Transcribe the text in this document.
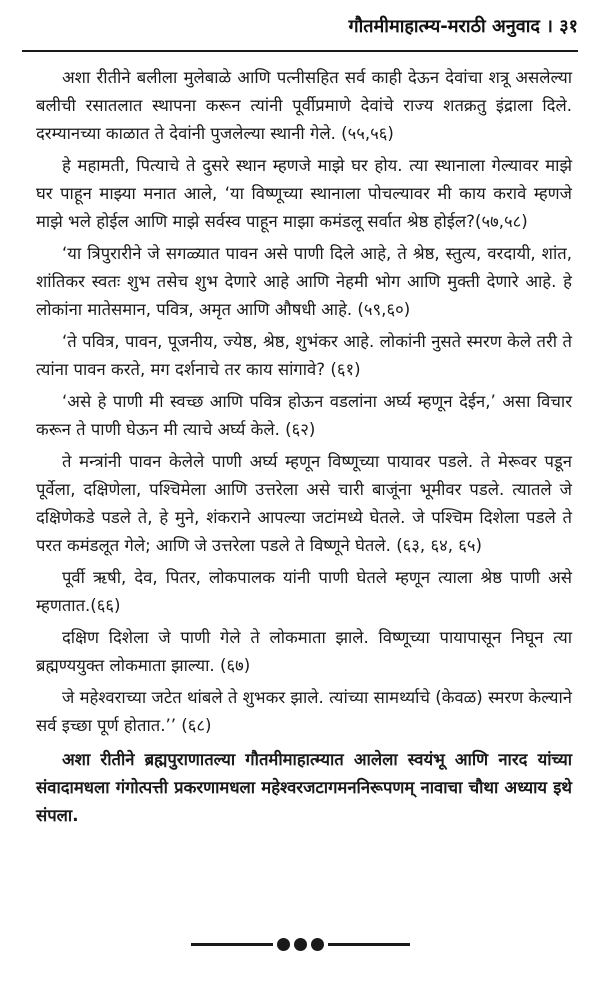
गौतमीमाहात्म्य-मराठी अनुवाद । ३१

अशा रीतीने बलीला मुलेबाळे आणि पत्नीसहित सर्व काही देऊन देवांचा शत्रू असलेल्या बलीची रसातलात स्थापना करून त्यांनी पूर्वीप्रमाणे देवांचे राज्य शतक्रतु इंद्राला दिले. दरम्यानच्या काळात ते देवांनी पुजलेल्या स्थानी गेले. (५५,५६)

हे महामती, पित्याचे ते दुसरे स्थान म्हणजे माझे घर होय. त्या स्थानाला गेल्यावर माझे घर पाहून माझ्या मनात आले, ‘या विष्णूच्या स्थानाला पोचल्यावर मी काय करावे म्हणजे माझे भले होईल आणि माझे सर्वस्व पाहून माझा कमंडलू सर्वात श्रेष्ठ होईल?(५७,५८)

‘या त्रिपुरारीने जे सगळ्यात पावन असे पाणी दिले आहे, ते श्रेष्ठ, स्तुत्य, वरदायी, शांत, शांतिकर स्वतः शुभ तसेच शुभ देणारे आहे आणि नेहमी भोग आणि मुक्ती देणारे आहे. हे लोकांना मातेसमान, पवित्र, अमृत आणि औषधी आहे. (५९,६०)

‘ते पवित्र, पावन, पूजनीय, ज्येष्ठ, श्रेष्ठ, शुभंकर आहे. लोकांनी नुसते स्मरण केले तरी ते त्यांना पावन करते, मग दर्शनाचे तर काय सांगावे? (६१)

‘असे हे पाणी मी स्वच्छ आणि पवित्र होऊन वडलांना अर्घ्य म्हणून देईन,’ असा विचार करून ते पाणी घेऊन मी त्याचे अर्घ्य केले. (६२)

ते मन्त्रांनी पावन केलेले पाणी अर्घ्य म्हणून विष्णूच्या पायावर पडले. ते मेरूवर पडून पूर्वेला, दक्षिणेला, पश्चिमेला आणि उत्तरेला असे चारी बाजूंना भूमीवर पडले. त्यातले जे दक्षिणेकडे पडले ते, हे मुने, शंकराने आपल्या जटांमध्ये घेतले. जे पश्चिम दिशेला पडले ते परत कमंडलूत गेले; आणि जे उत्तरेला पडले ते विष्णूने घेतले. (६३, ६४, ६५)

पूर्वी ऋषी, देव, पितर, लोकपालक यांनी पाणी घेतले म्हणून त्याला श्रेष्ठ पाणी असे म्हणतात.(६६)

दक्षिण दिशेला जे पाणी गेले ते लोकमाता झाले. विष्णूच्या पायापासून निघून त्या ब्रह्मण्ययुक्त लोकमाता झाल्या. (६७)

जे महेश्वराच्या जटेत थांबले ते शुभकर झाले. त्यांच्या सामर्थ्याचे (केवळ) स्मरण केल्याने सर्व इच्छा पूर्ण होतात.’’ (६८)

अशा रीतीने ब्रह्मपुराणातल्या गौतमीमाहात्म्यात आलेला स्वयंभू आणि नारद यांच्या संवादामधला गंगोत्पत्ती प्रकरणामधला महेश्वरजटागमननिरूपणम् नावाचा चौथा अध्याय इथे संपला.
